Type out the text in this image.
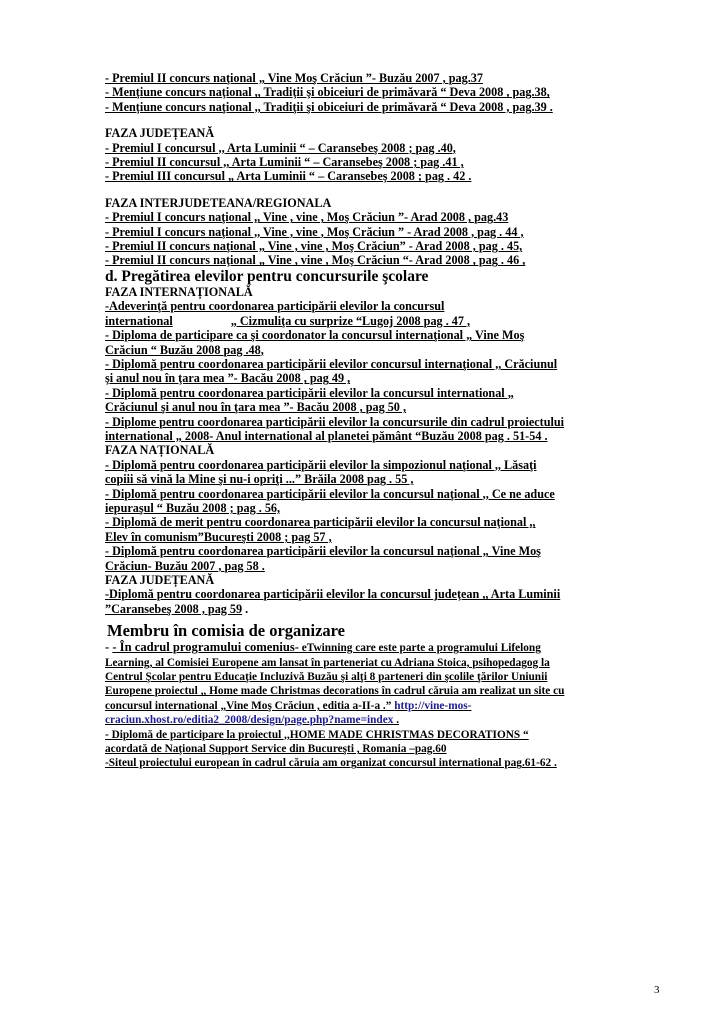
- Premiul II concurs naţional „ Vine Moş Crăciun ”- Buzău 2007 , pag.37
- Mențiune concurs naţional ,, Tradiţii şi obiceiuri de primăvară “ Deva 2008 , pag.38,
- Mențiune concurs naţional ,, Tradiţii şi obiceiuri de primăvară “ Deva 2008 , pag.39 .
FAZA JUDEȚEANĂ
- Premiul I concursul ,, Arta Luminii “ – Caransebeş 2008 ; pag .40,
- Premiul II concursul ,, Arta Luminii “ – Caransebeş 2008 ; pag .41 ,
- Premiul III concursul „ Arta Luminii “ – Caransebeş 2008 ; pag . 42 .
FAZA INTERJUDETEANA/REGIONALA
- Premiul I concurs naţional ,, Vine , vine , Moş Crăciun ”- Arad 2008 , pag.43
- Premiul I concurs naţional ,, Vine , vine , Moş Crăciun ” - Arad 2008 , pag . 44 ,
- Premiul II concurs naţional „ Vine , vine , Moş Crăciun” - Arad 2008 , pag . 45,
- Premiul II concurs naţional „ Vine , vine , Moş Crăciun “- Arad 2008 , pag . 46 ,
d. Pregătirea elevilor pentru concursurile şcolare
FAZA INTERNAȚIONALĂ
-Adeverinţă pentru coordonarea participării elevilor la concursul
international	„ Cizmuliţa cu surprize “Lugoj 2008 pag . 47 ,
- Diploma de participare ca şi coordonator la concursul internaţional „ Vine Moş
Crăciun “ Buzău 2008 pag .48,
- Diplomă pentru coordonarea participării elevilor concursul internaţional ,, Crăciunul
şi anul nou în ţara mea ”- Bacău 2008 , pag 49 ,
- Diplomă pentru coordonarea participării elevilor la concursul international „
Crăciunul şi anul nou în ţara mea ”- Bacău 2008 , pag 50 ,
- Diplome pentru coordonarea participării elevilor la concursurile din cadrul proiectului
international „ 2008- Anul international al planetei pământ “Buzău 2008 pag . 51-54 .
FAZA NAȚIONALĂ
- Diplomă pentru coordonarea participării elevilor la simpozionul naţional ,, Lăsaţi
copiii să vină la Mine şi nu-i opriţi ...” Brăila 2008 pag . 55 ,
- Diplomă pentru coordonarea participării elevilor la concursul naţional ,, Ce ne aduce
iepuraşul “ Buzău 2008 ; pag . 56,
- Diplomă de merit pentru coordonarea participării elevilor la concursul naţional ,,
Elev în comunism”Bucureşti 2008 ; pag 57 ,
- Diplomă pentru coordonarea participării elevilor la concursul naţional „ Vine Moş
Crăciun- Buzău 2007 , pag 58 .
FAZA JUDEȚEANĂ
-Diplomă pentru coordonarea participării elevilor la concursul judeţean ,, Arta Luminii
”Caransebeş 2008 , pag 59 .
Membru în comisia de organizare
- - În cadrul programului comenius- eTwinning care este parte a programului Lifelong
Learning, al Comisiei Europene am lansat în parteneriat cu Adriana Stoica, psihopedagog la
Centrul Şcolar pentru Educaţie Incluzivă Buzău şi alţi 8 parteneri din şcolile ţărilor Uniunii
Europene proiectul ,, Home made Christmas decorations în cadrul căruia am realizat un site cu
concursul international „Vine Moş Crăciun , editia a-II-a .” http://vine-mos-
craciun.xhost.ro/editia2_2008/design/page.php?name=index .
- Diplomă de participare la proiectul ,,HOME MADE CHRISTMAS DECORATIONS “
acordată de Naţional Support Service din Bucureşti , Romania –pag.60
-Siteul proiectului european în cadrul căruia am organizat concursul international pag.61-62 .
3
